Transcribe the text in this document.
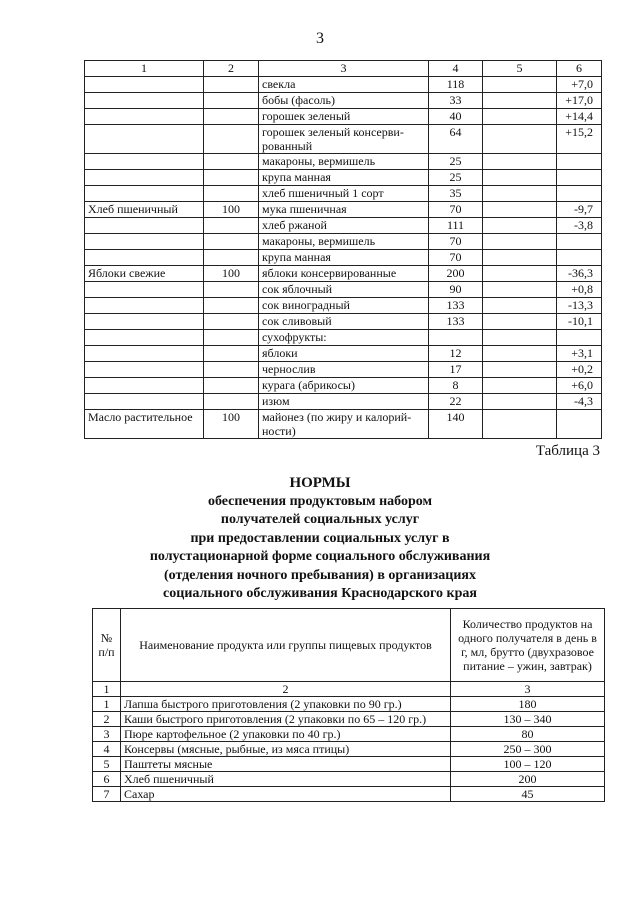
3
1	2	3	4	5	6
		свекла	118		+7,0
		бобы (фасоль)	33		+17,0
		горошек зеленый	40		+14,4
		горошек зеленый консерви-рованный	64		+15,2
		макароны, вермишель	25		
		крупа манная	25		
		хлеб пшеничный 1 сорт	35		
Хлеб пшеничный	100	мука пшеничная	70		-9,7
		хлеб ржаной	111		-3,8
		макароны, вермишель	70		
		крупа манная	70		
Яблоки свежие	100	яблоки консервированные	200		-36,3
		сок яблочный	90		+0,8
		сок виноградный	133		-13,3
		сок сливовый	133		-10,1
		сухофрукты:			
		яблоки	12		+3,1
		чернослив	17		+0,2
		курага (абрикосы)	8		+6,0
		изюм	22		-4,3
Масло растительное	100	майонез (по жиру и калорий-ности)	140		
Таблица 3
НОРМЫ
обеспечения продуктовым набором
получателей социальных услуг
при предоставлении социальных услуг в
полустационарной форме социального обслуживания
(отделения ночного пребывания) в организациях
социального обслуживания Краснодарского края
№ п/п	Наименование продукта или группы пищевых продуктов	Количество продуктов на одного получателя в день в г, мл, брутто (двухразовое питание – ужин, завтрак)
1	2	3
1	Лапша быстрого приготовления (2 упаковки по 90 гр.)	180
2	Каши быстрого приготовления (2 упаковки по 65 – 120 гр.)	130 – 340
3	Пюре картофельное (2 упаковки по 40 гр.)	80
4	Консервы (мясные, рыбные, из мяса птицы)	250 – 300
5	Паштеты мясные	100 – 120
6	Хлеб пшеничный	200
7	Сахар	45
